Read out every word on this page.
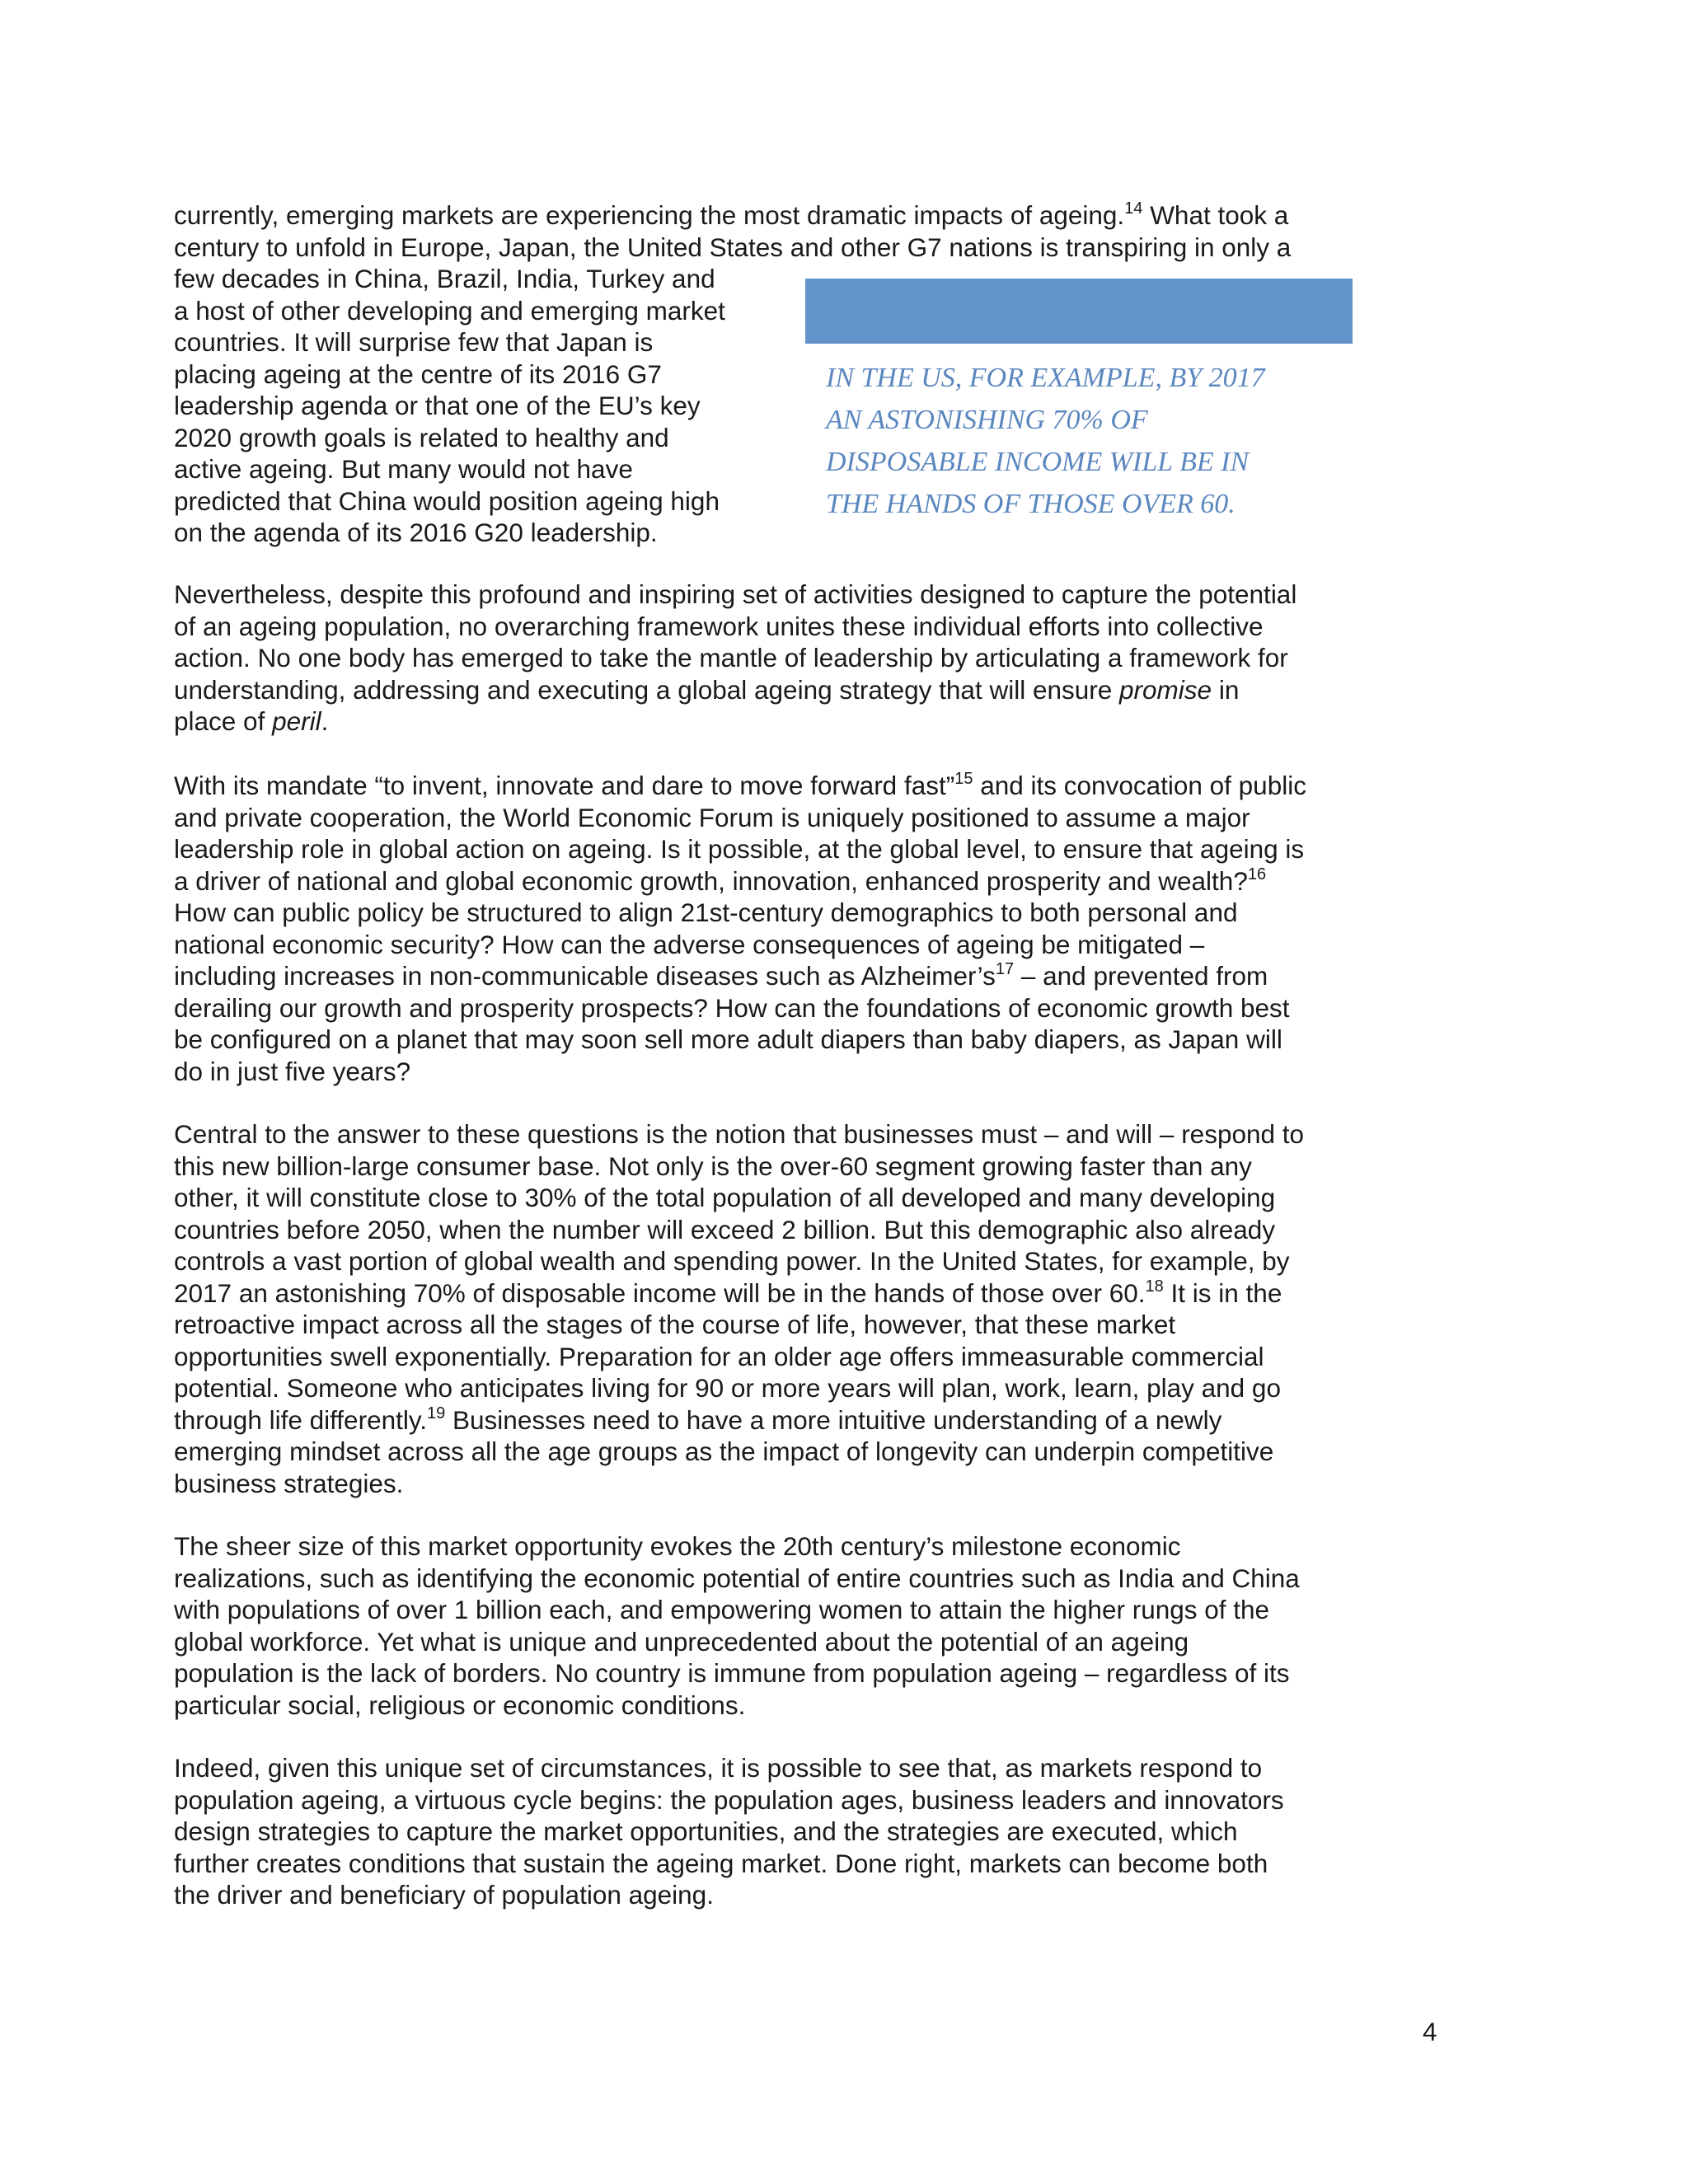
currently, emerging markets are experiencing the most dramatic impacts of ageing.$^{14}$ What took a
century to unfold in Europe, Japan, the United States and other G7 nations is transpiring in only a

few decades in China, Brazil, India, Turkey and
a host of other developing and emerging market
countries. It will surprise few that Japan is
placing ageing at the centre of its 2016 G7
leadership agenda or that one of the EU’s key
2020 growth goals is related to healthy and
active ageing. But many would not have
predicted that China would position ageing high
on the agenda of its 2016 G20 leadership.

IN THE US, FOR EXAMPLE, BY 2017
AN ASTONISHING 70% OF
DISPOSABLE INCOME WILL BE IN
THE HANDS OF THOSE OVER 60.

Nevertheless, despite this profound and inspiring set of activities designed to capture the potential
of an ageing population, no overarching framework unites these individual efforts into collective
action. No one body has emerged to take the mantle of leadership by articulating a framework for
understanding, addressing and executing a global ageing strategy that will ensure promise in
place of peril.

With its mandate “to invent, innovate and dare to move forward fast”$^{15}$ and its convocation of public
and private cooperation, the World Economic Forum is uniquely positioned to assume a major
leadership role in global action on ageing. Is it possible, at the global level, to ensure that ageing is
a driver of national and global economic growth, innovation, enhanced prosperity and wealth?$^{16}$
How can public policy be structured to align 21st-century demographics to both personal and
national economic security? How can the adverse consequences of ageing be mitigated –
including increases in non-communicable diseases such as $Alzheimer’s^{17}$ – and prevented from
derailing our growth and prosperity prospects? How can the foundations of economic growth best
be configured on a planet that may soon sell more adult diapers than baby diapers, as Japan will
do in just five years?

Central to the answer to these questions is the notion that businesses must – and will – respond to
this new billion-large consumer base. Not only is the over-60 segment growing faster than any
other, it will constitute close to 30% of the total population of all developed and many developing
countries before 2050, when the number will exceed 2 billion. But this demographic also already
controls a vast portion of global wealth and spending power. In the United States, for example, by
2017 an astonishing 70% of disposable income will be in the hands of those over 60.18 It is in the
retroactive impact across all the stages of the course of life, however, that these market
opportunities swell exponentially. Preparation for an older age offers immeasurable commercial
potential. Someone who anticipates living for 90 or more years will plan, work, learn, play and go
through life differently.$^{19}$ Businesses need to have a more intuitive understanding of a newly
emerging mindset across all the age groups as the impact of longevity can underpin competitive
business strategies.

The sheer size of this market opportunity evokes the 20th century’s milestone economic
realizations, such as identifying the economic potential of entire countries such as India and China
with populations of over 1 billion each, and empowering women to attain the higher rungs of the
global workforce. Yet what is unique and unprecedented about the potential of an ageing
population is the lack of borders. No country is immune from population ageing – regardless of its
particular social, religious or economic conditions.

Indeed, given this unique set of circumstances, it is possible to see that, as markets respond to
population ageing, a virtuous cycle begins: the population ages, business leaders and innovators
design strategies to capture the market opportunities, and the strategies are executed, which
further creates conditions that sustain the ageing market. Done right, markets can become both
the driver and beneficiary of population ageing.

4
